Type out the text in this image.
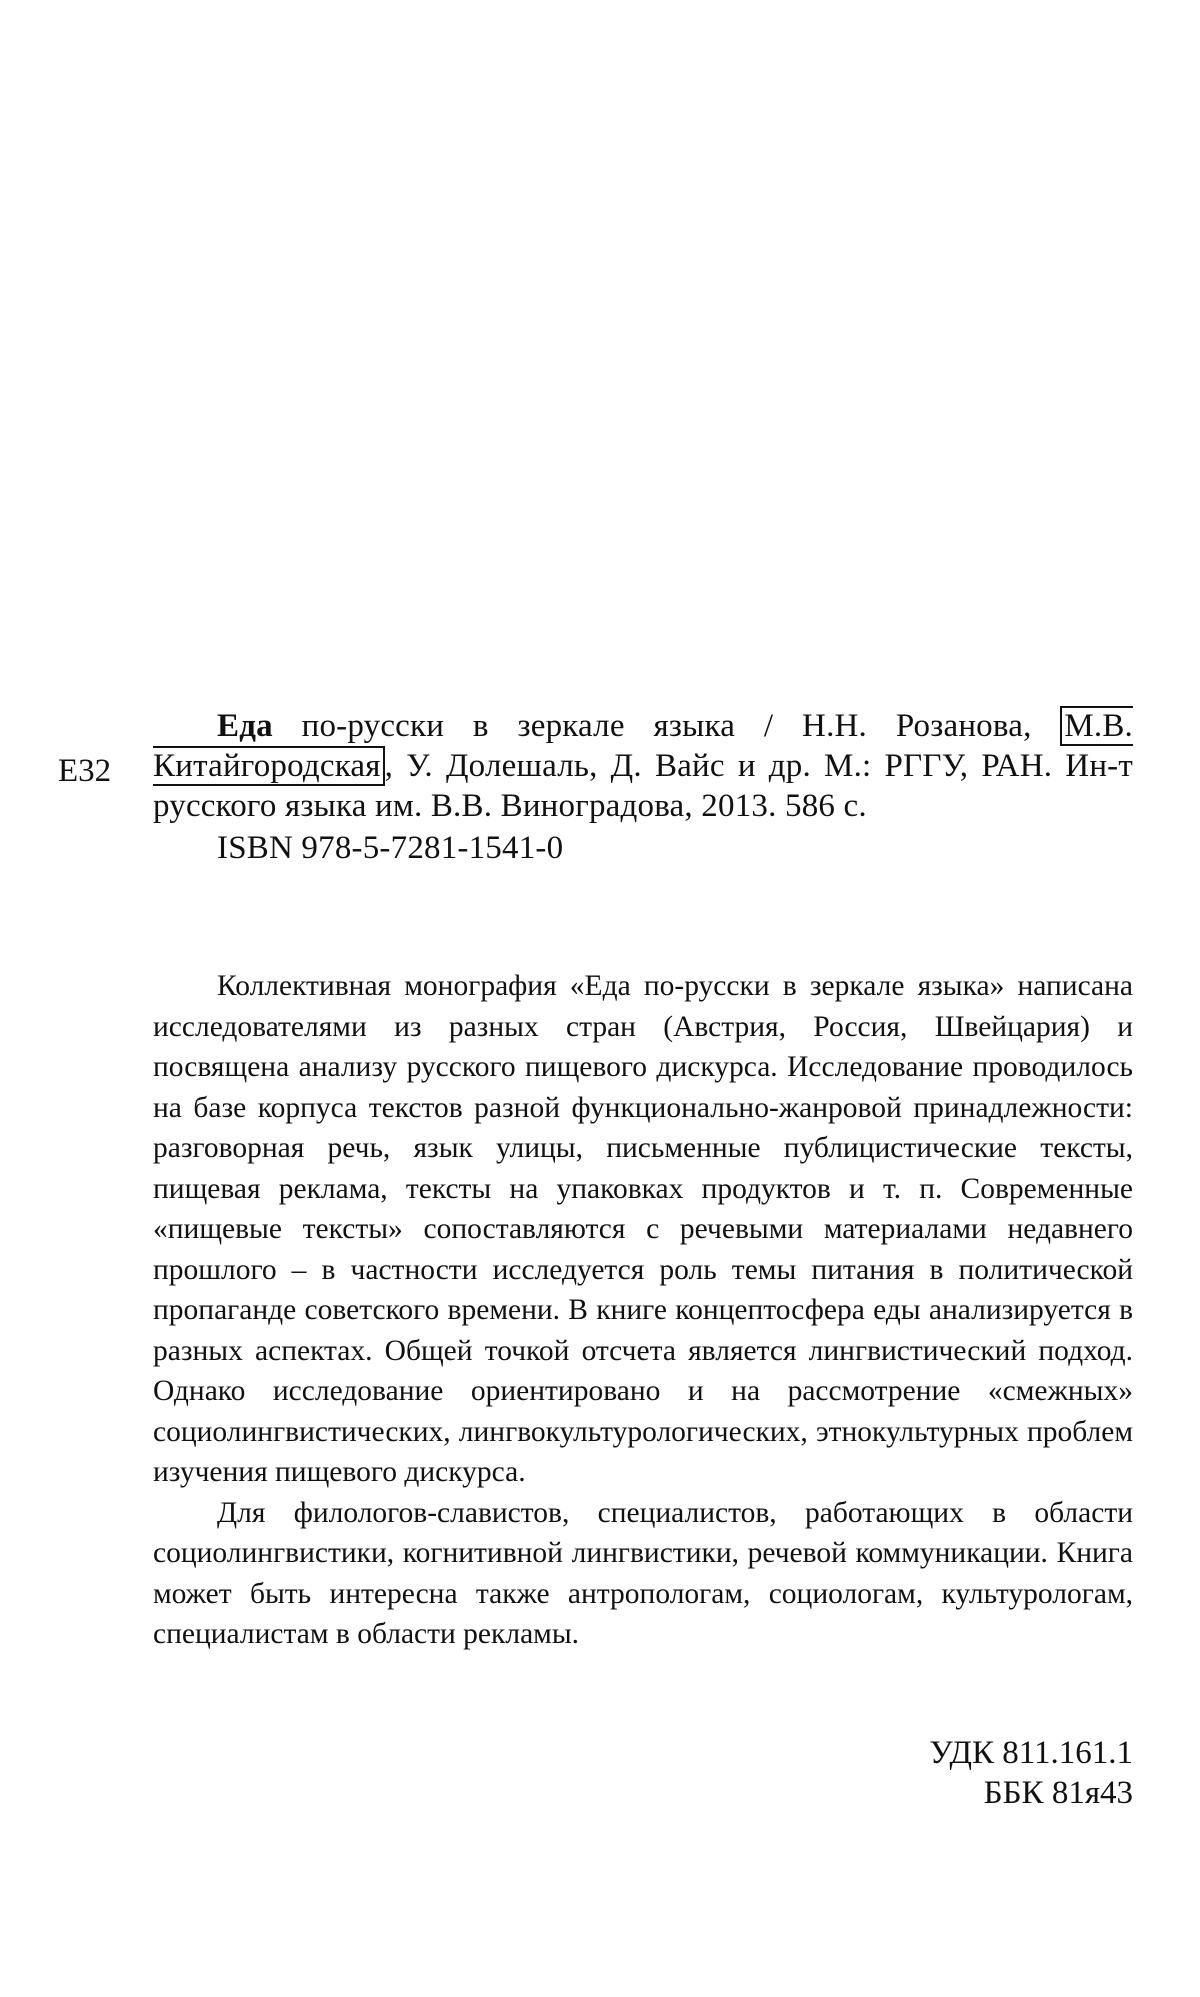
Е32

Еда по-русски в зеркале языка / Н.Н. Розанова, М.В. Китайгородская , У. Долешаль, Д. Вайс и др. М.: РГГУ, РАН. Ин-т русского языка им. В.В. Виноградова, 2013. 586 с.

ISBN 978-5-7281-1541-0

Коллективная монография «Еда по-русски в зеркале языка» написана исследователями из разных стран (Австрия, Россия, Швейцария) и посвящена анализу русского пищевого дискурса. Исследование проводилось на базе корпуса текстов разной функционально-жанровой принадлежности: разговорная речь, язык улицы, письменные публицистические тексты, пищевая реклама, тексты на упаковках продуктов и т. п. Современные «пищевые тексты» сопоставляются с речевыми материалами недавнего прошлого – в частности исследуется роль темы питания в политической пропаганде советского времени. В книге концептосфера еды анализируется в разных аспектах. Общей точкой отсчета является лингвистический подход. Однако исследование ориентировано и на рассмотрение «смежных» социолингвистических, лингвокультурологических, этнокультурных проблем изучения пищевого дискурса.

Для филологов-славистов, специалистов, работающих в области социолингвистики, когнитивной лингвистики, речевой коммуникации. Книга может быть интересна также антропологам, социологам, культурологам, специалистам в области рекламы.

УДК 811.161.1
ББК 81я43
